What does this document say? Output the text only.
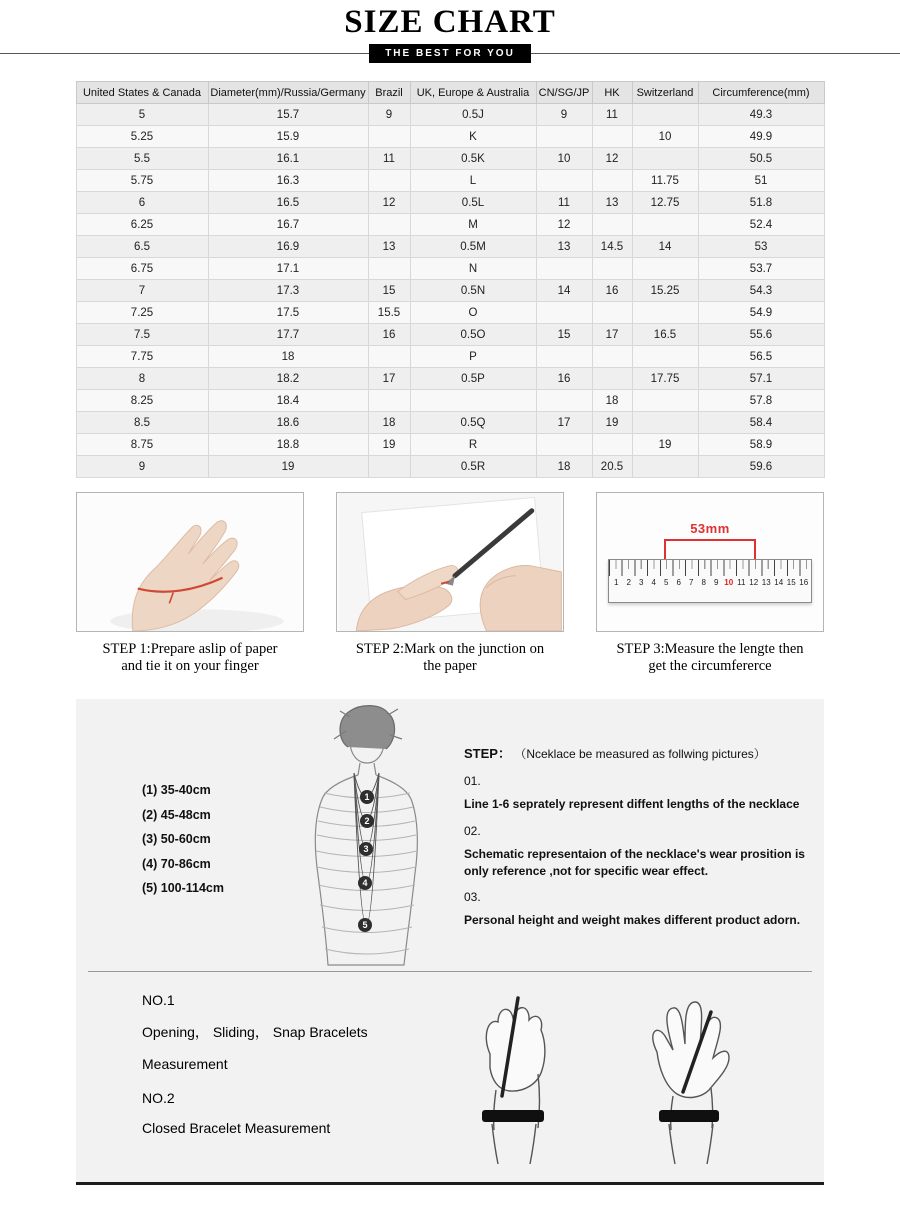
SIZE CHART
THE BEST FOR YOU
United States & Canada	Diameter(mm)/Russia/Germany	Brazil	UK, Europe & Australia	CN/SG/JP	HK	Switzerland	Circumference(mm)
5	15.7	9	0.5J	9	11		49.3
5.25	15.9		K			10	49.9
5.5	16.1	11	0.5K	10	12		50.5
5.75	16.3		L			11.75	51
6	16.5	12	0.5L	11	13	12.75	51.8
6.25	16.7		M	12			52.4
6.5	16.9	13	0.5M	13	14.5	14	53
6.75	17.1		N				53.7
7	17.3	15	0.5N	14	16	15.25	54.3
7.25	17.5	15.5	O				54.9
7.5	17.7	16	0.5O	15	17	16.5	55.6
7.75	18		P				56.5
8	18.2	17	0.5P	16		17.75	57.1
8.25	18.4				18		57.8
8.5	18.6	18	0.5Q	17	19		58.4
8.75	18.8	19	R			19	58.9
9	19		0.5R	18	20.5		59.6
STEP 1:Prepare aslip of paper
and tie it on your finger
STEP 2:Mark on the junction on
the paper
53mm
1	2	3	4	5	6	7	8	9 10 11 12 13 14 15 16
STEP 3:Measure the lengte then
get the circumfererce
(1) 35-40cm
(2) 45-48cm
(3) 50-60cm
(4) 70-86cm
(5) 100-114cm
1
2
3
4
5
STEP： （Nceklace be measured as follwing pictures）
01.
Line 1-6 seprately represent diffent lengths of the necklace
02.
Schematic representaion of the necklace's wear prosition is only reference ,not for specific wear effect.
03.
Personal height and weight makes different product adorn.

NO.1

Opening， Sliding， Snap Bracelets

Measurement

NO.2

Closed Bracelet Measurement
